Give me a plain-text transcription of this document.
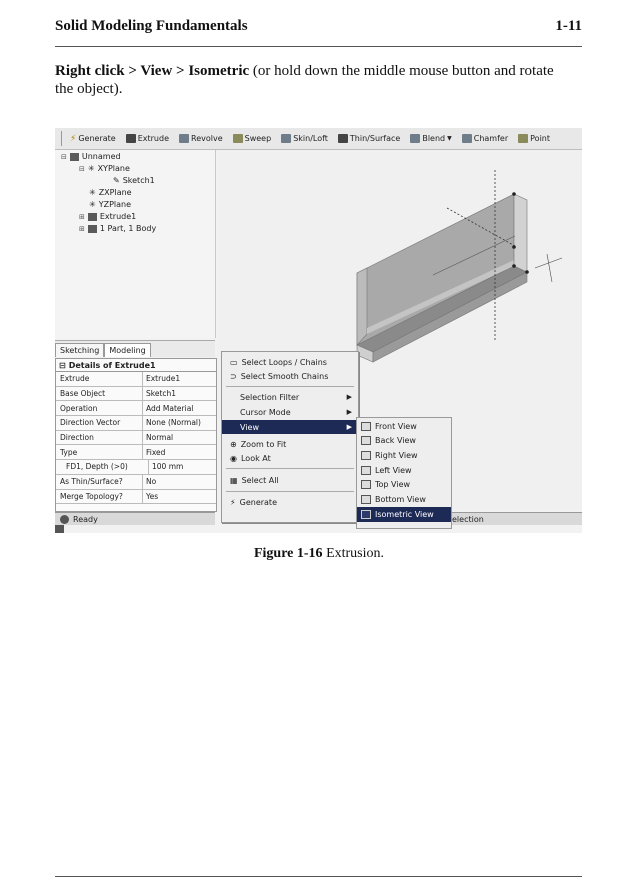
Solid Modeling Fundamentals	1-11
Right click > View > Isometric (or hold down the middle mouse button and rotate the object).
⚡ Generate	Extrude	Revolve	Sweep	Skin/Loft	Thin/Surface	Blend ▼	Chamfer	Point
⊟ Unnamed
⊟ ✳ XYPlane
✎ Sketch1
✳ ZXPlane
✳ YZPlane
⊞ Extrude1
⊞ 1 Part, 1 Body
Sketching	Modeling
⊟ Details of Extrude1
Extrude	Extrude1
Base Object	Sketch1
Operation	Add Material
Direction Vector	None (Normal)
Direction	Normal
Type	Fixed
FD1, Depth (>0)	100 mm
As Thin/Surface?	No
Merge Topology?	Yes
Ready	election
▭ Select Loops / Chains
⊃ Select Smooth Chains
Selection Filter	▶
Cursor Mode	▶
View	▶
⊕ Zoom to Fit
◉ Look At
▦ Select All
⚡ Generate
Front View
Back View
Right View
Left View
Top View
Bottom View
Isometric View
Figure 1-16 Extrusion.
